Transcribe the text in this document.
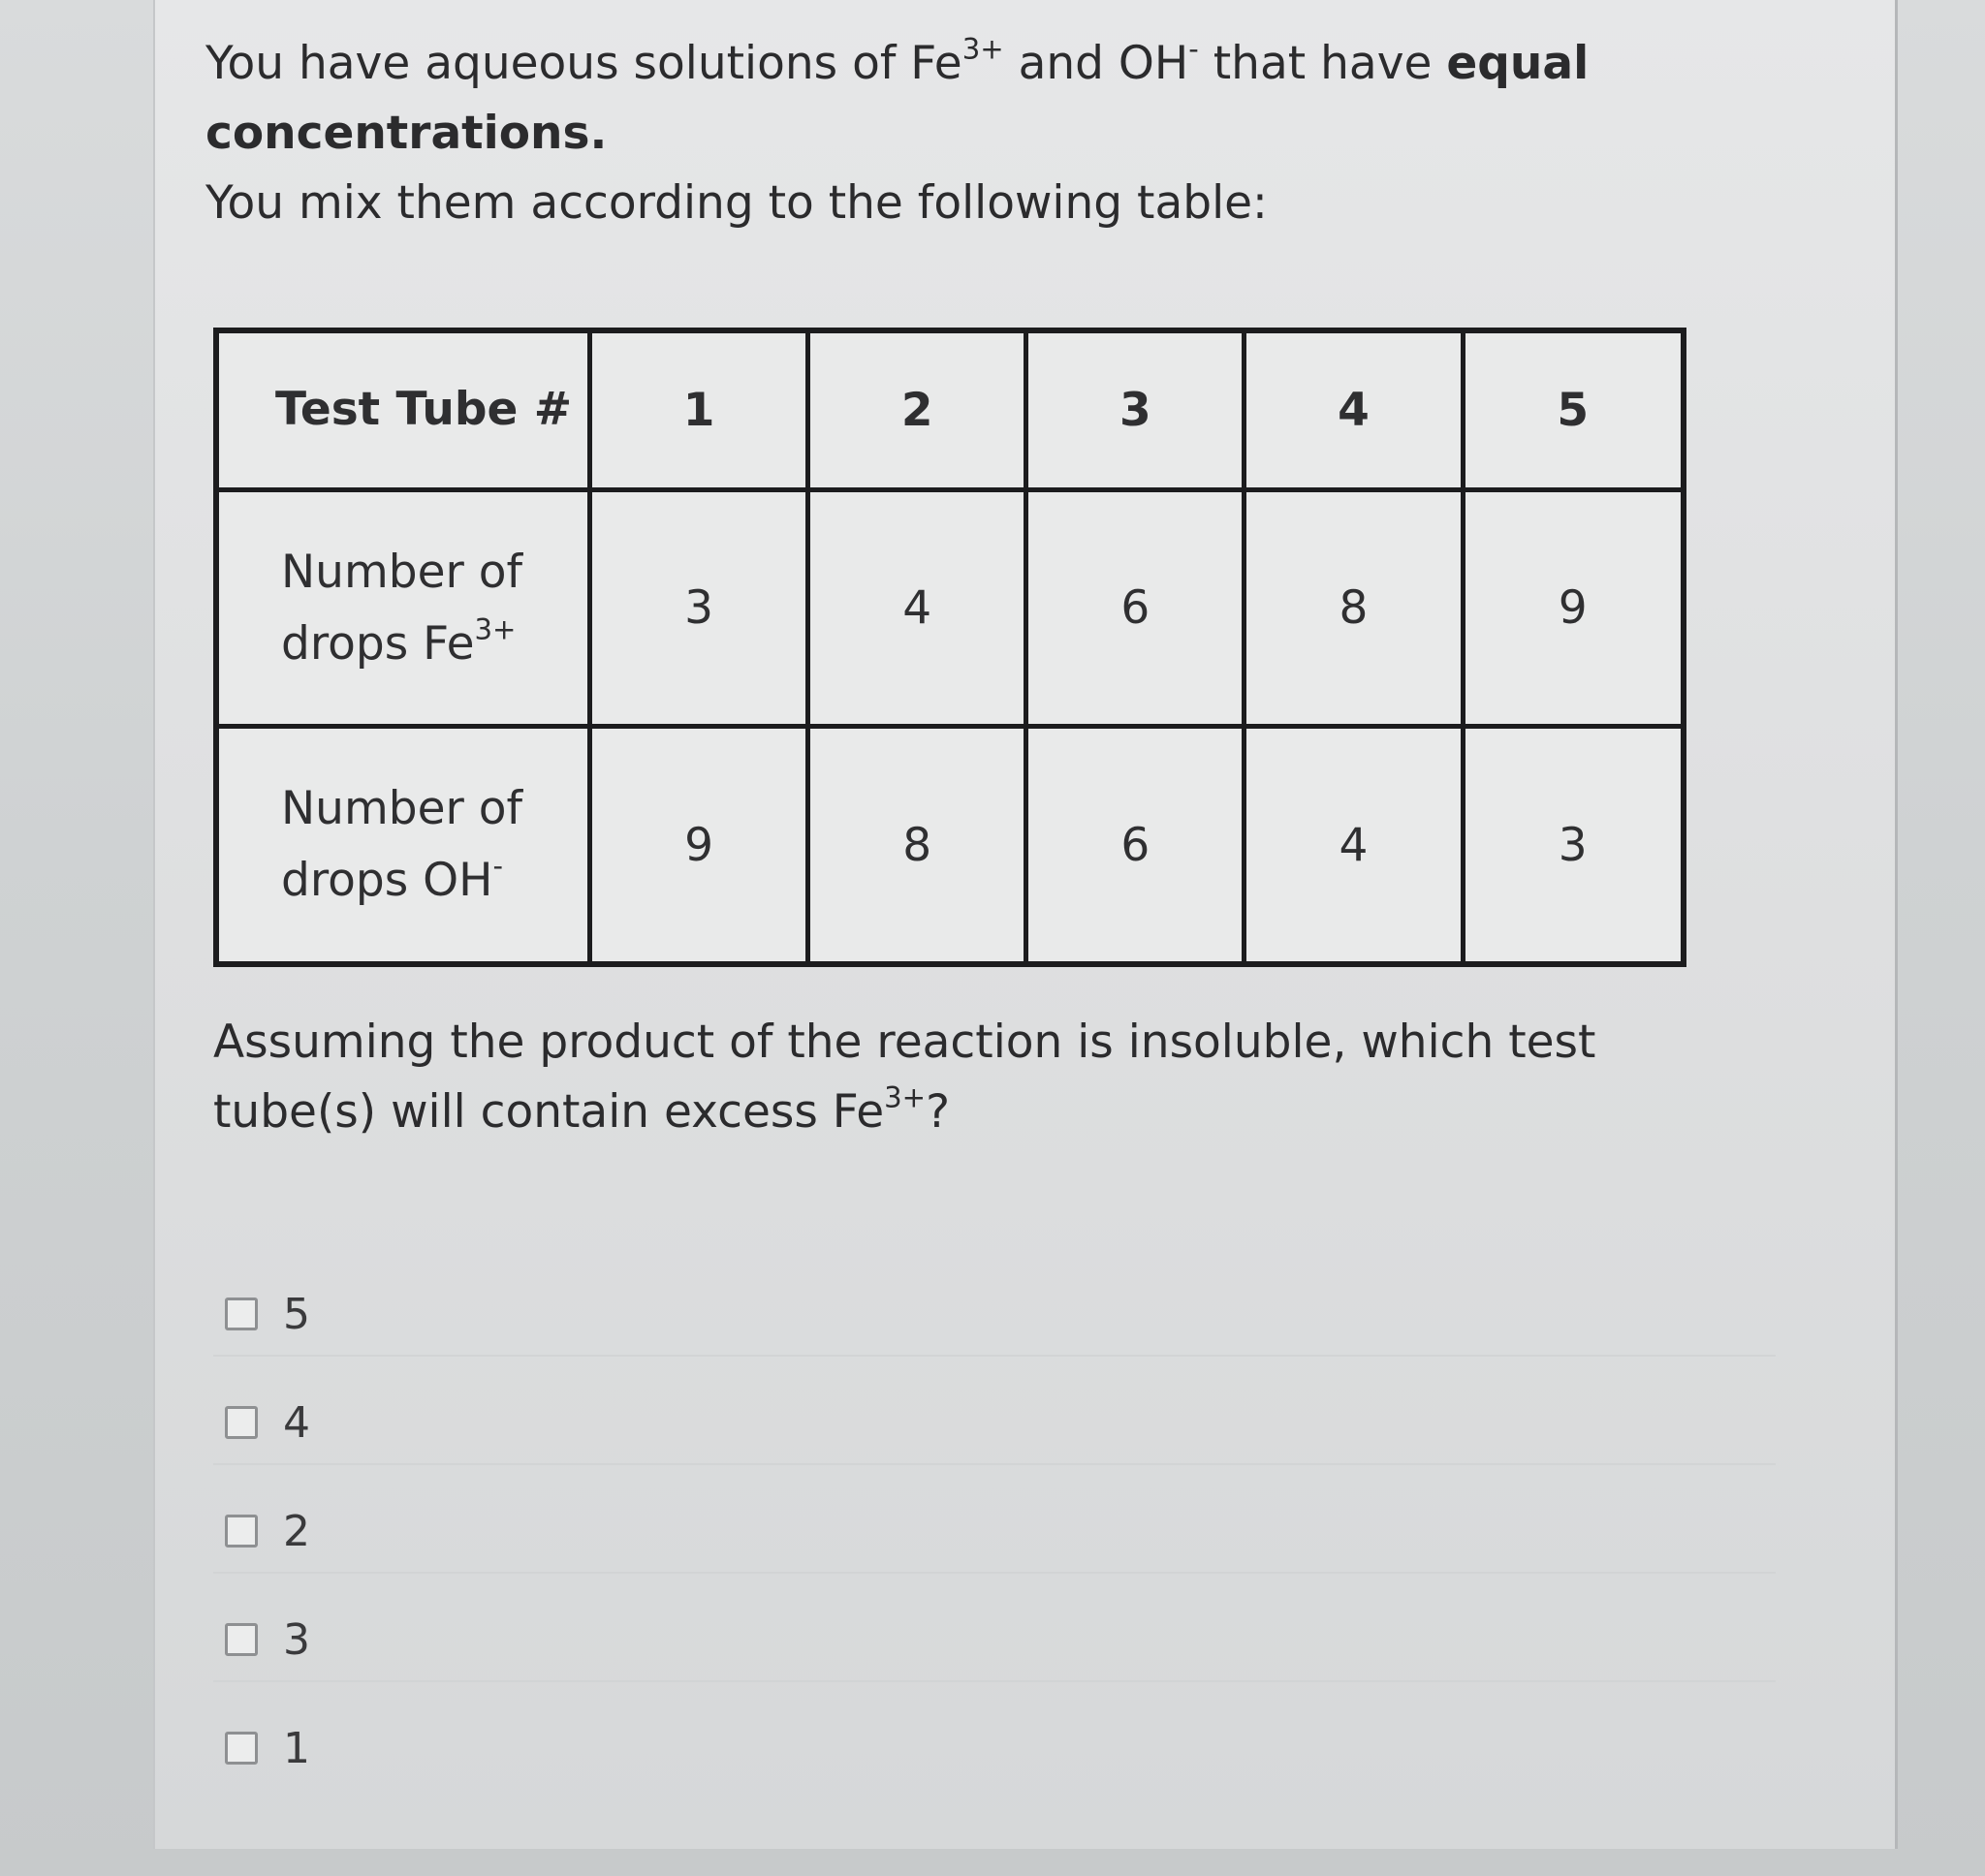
You have aqueous solutions of $Fe^{3+}$ and OH- that have equal concentrations.
You mix them according to the following table:

Test Tube #	1	2	3	4	5
Number of
drops $Fe^{3+}$	3	4	6	8	9
Number of
drops OH-	9	8	6	4	3

Assuming the product of the reaction is insoluble, which test tube(s) will contain excess $Fe^{3+}$?

5
4
2
3
1
